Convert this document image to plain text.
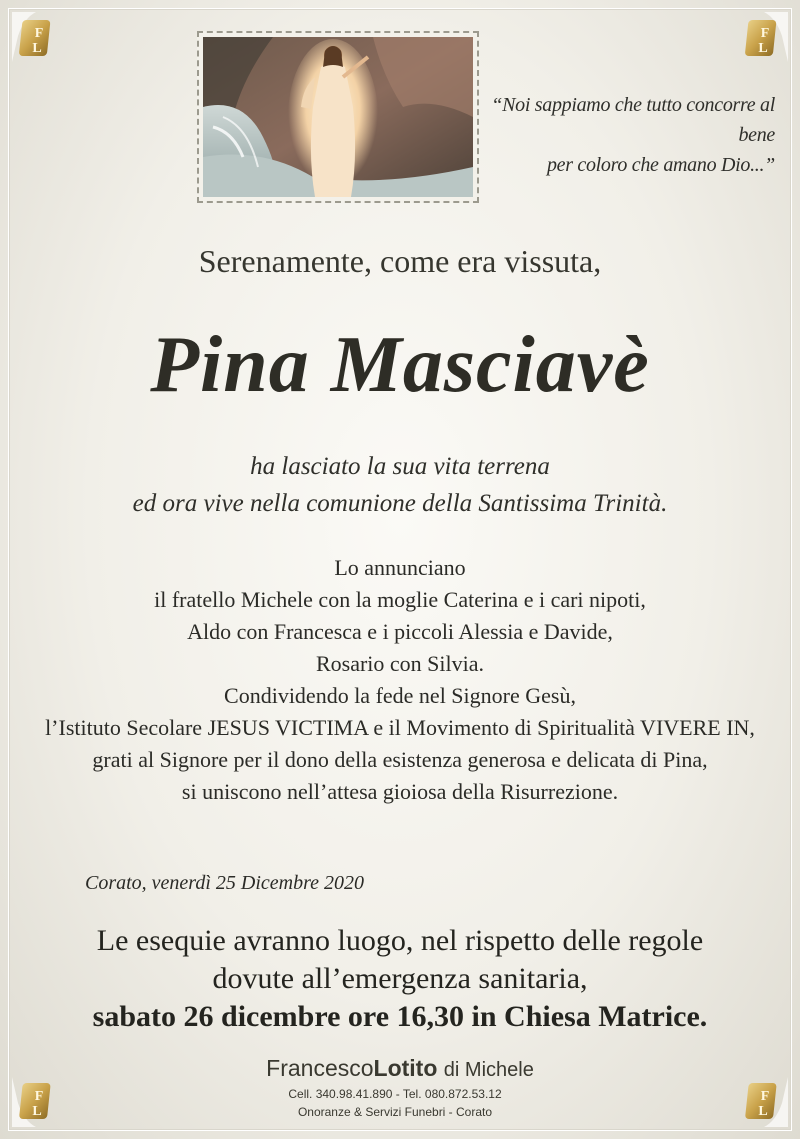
F
L
F
L
F
L
F
L
“Noi sappiamo che tutto concorre al bene
per coloro che amano Dio...”
Serenamente, come era vissuta,
Pina Masciavè
ha lasciato la sua vita terrena
ed ora vive nella comunione della Santissima Trinità.
Lo annunciano
il fratello Michele con la moglie Caterina e i cari nipoti,
Aldo con Francesca e i piccoli Alessia e Davide,
Rosario con Silvia.
Condividendo la fede nel Signore Gesù,
l’Istituto Secolare JESUS VICTIMA e il Movimento di Spiritualità VIVERE IN,
grati al Signore per il dono della esistenza generosa e delicata di Pina,
si uniscono nell’attesa gioiosa della Risurrezione.
Corato, venerdì 25 Dicembre 2020
Le esequie avranno luogo, nel rispetto delle regole
dovute all’emergenza sanitaria,
sabato 26 dicembre ore 16,30 in Chiesa Matrice.
FrancescoLotito di Michele
Cell. 340.98.41.890 - Tel. 080.872.53.12
Onoranze & Servizi Funebri - Corato
